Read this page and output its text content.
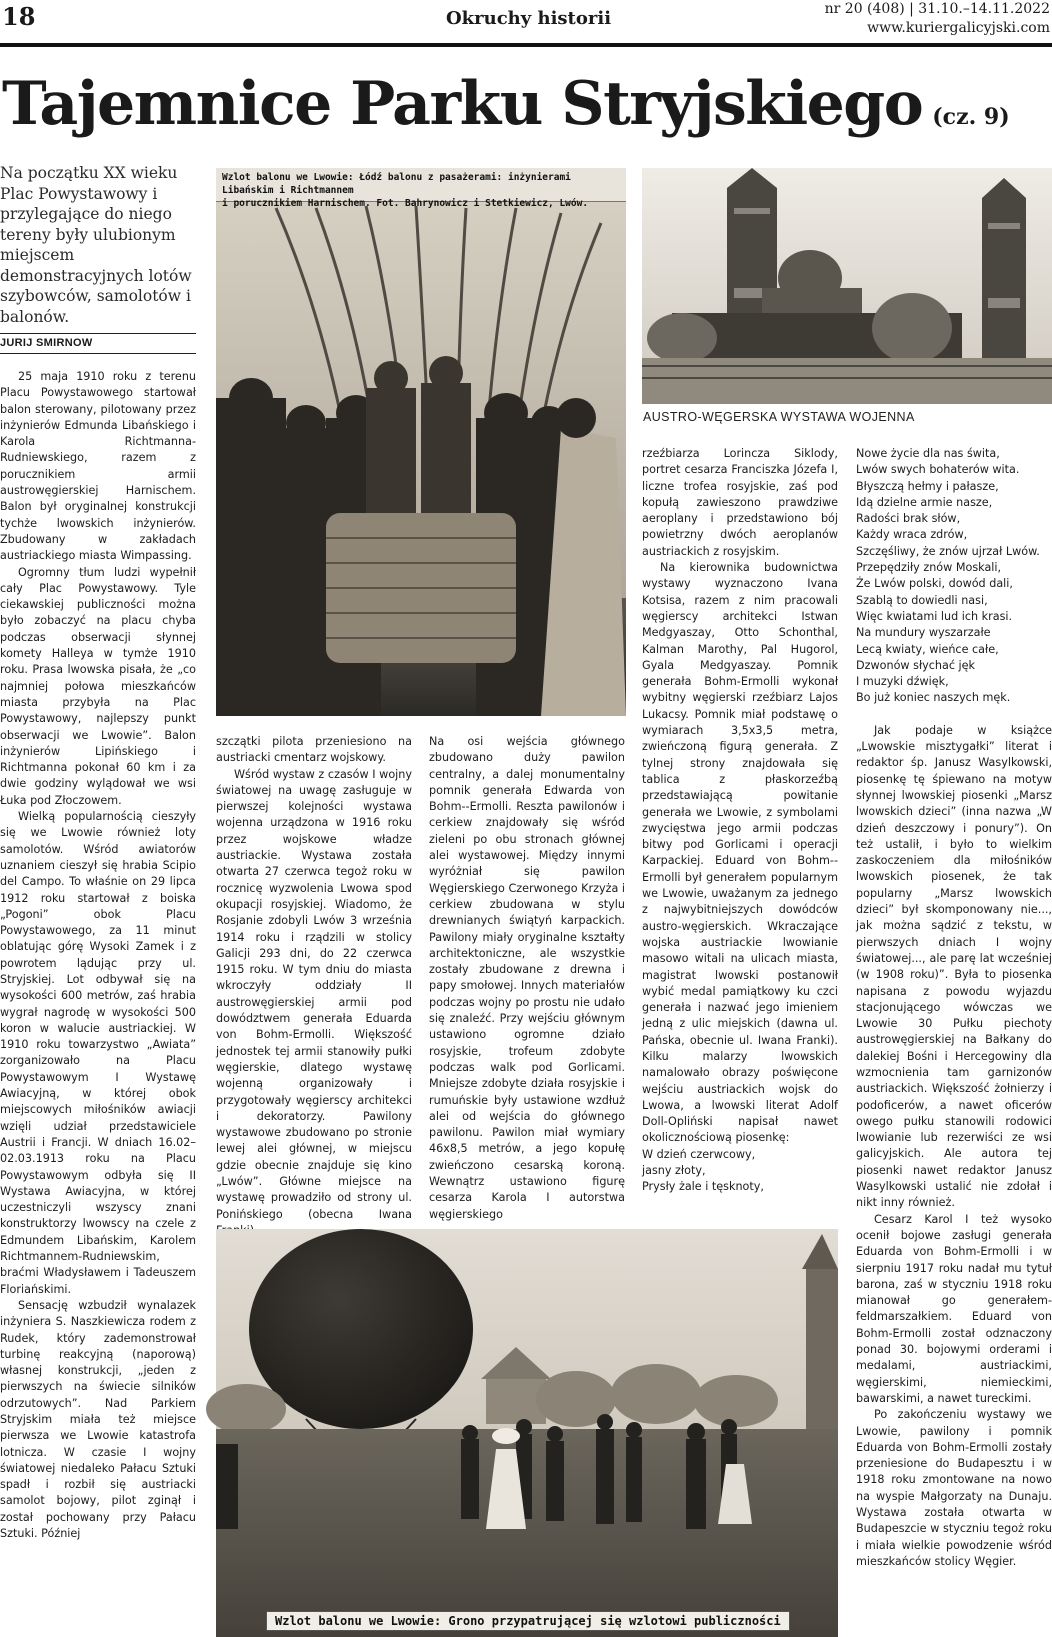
18	Okruchy historii	nr 20 (408) | 31.10.–14.11.2022
www.kuriergalicyjski.com
Tajemnice Parku Stryjskiego (cz. 9)
Na początku XX wieku Plac Powystawowy i przylegające do niego tereny były ulubionym miejscem demonstracyjnych lotów szybowców, samolotów i balonów.
JURIJ SMIRNOW
Wzlot balonu we Lwowie: Łódź balonu z pasażerami: inżynierami Libańskim i Richtmannem
i porucznikiem Harnischem. Fot. Bahrynowicz i Stetkiewicz, Lwów.
AUSTRO-WĘGERSKA WYSTAWA WOJENNA

25 maja 1910 roku z terenu Placu Powystawowego startował balon sterowany, pilotowany przez inżynierów Edmunda Libańskiego i Karola Richtmanna-Rudniewskiego, razem z porucznikiem armii austrowęgierskiej Harnischem. Balon był oryginalnej konstrukcji tychże lwowskich inżynierów. Zbudowany w zakładach austriackiego miasta Wimpassing.

Ogromny tłum ludzi wypełnił cały Plac Powystawowy. Tyle ciekawskiej publiczności można było zobaczyć na placu chyba podczas obserwacji słynnej komety Halleya w tymże 1910 roku. Prasa lwowska pisała, że „co najmniej połowa mieszkańców miasta przybyła na Plac Powystawowy, najlepszy punkt obserwacji we Lwowie”. Balon inżynierów Lipińskiego i Richtmanna pokonał 60 km i za dwie godziny wylądował we wsi Łuka pod Złoczowem.

Wielką popularnością cieszyły się we Lwowie również loty samolotów. Wśród awiatorów uznaniem cieszył się hrabia Scipio del Campo. To właśnie on 29 lipca 1912 roku startował z boiska „Pogoni” obok Placu Powystawowego, za 11 minut oblatując górę Wysoki Zamek i z powrotem lądując przy ul. Stryjskiej. Lot odbywał się na wysokości 600 metrów, zaś hrabia wygrał nagrodę w wysokości 500 koron w walucie austriackiej. W 1910 roku towarzystwo „Awiata” zorganizowało na Placu Powystawowym I Wystawę Awiacyjną, w której obok miejscowych miłośników awiacji wzięli udział przedstawiciele Austrii i Francji. W dniach 16.02–02.03.1913 roku na Placu Powystawowym odbyła się II Wystawa Awiacyjna, w której uczestniczyli wszyscy znani konstruktorzy lwowscy na czele z Edmundem Libańskim, Karolem Richtmannem-Rudniewskim, braćmi Władysławem i Tadeuszem Floriańskimi.

Sensację wzbudził wynalazek inżyniera S. Naszkiewicza rodem z Rudek, który zademonstrował turbinę reakcyjną (naporową) własnej konstrukcji, „jeden z pierwszych na świecie silników odrzutowych”. Nad Parkiem Stryjskim miała też miejsce pierwsza we Lwowie katastrofa lotnicza. W czasie I wojny światowej niedaleko Pałacu Sztuki spadł i rozbił się austriacki samolot bojowy, pilot zginął i został pochowany przy Pałacu Sztuki. Później

szczątki pilota przeniesiono na austriacki cmentarz wojskowy.

Wśród wystaw z czasów I wojny światowej na uwagę zasługuje w pierwszej kolejności wystawa wojenna urządzona w 1916 roku przez wojskowe władze austriackie. Wystawa została otwarta 27 czerwca tegoż roku w rocznicę wyzwolenia Lwowa spod okupacji rosyjskiej. Wiadomo, że Rosjanie zdobyli Lwów 3 września 1914 roku i rządzili w stolicy Galicji 293 dni, do 22 czerwca 1915 roku. W tym dniu do miasta wkroczyły oddziały II austrowęgierskiej armii pod dowództwem generała Eduarda von Bohm-Ermolli. Większość jednostek tej armii stanowiły pułki węgierskie, dlatego wystawę wojenną organizowały i przygotowały węgierscy architekci i dekoratorzy. Pawilony wystawowe zbudowano po stronie lewej alei głównej, w miejscu gdzie obecnie znajduje się kino „Lwów”. Główne miejsce na wystawę prowadziło od strony ul. Ponińskiego (obecna Iwana

Na osi wejścia głównego zbudowano duży pawilon centralny, a dalej monumentalny pomnik generała Edwarda von Bohm--Ermolli. Reszta pawilonów i cerkiew znajdowały się wśród zieleni po obu stronach głównej alei wystawowej. Między innymi wyróżniał się pawilon Węgierskiego Czerwonego Krzyża i cerkiew zbudowana w stylu drewnianych świątyń karpackich. Pawilony miały oryginalne kształty architektoniczne, ale wszystkie zostały zbudowane z drewna i papy smołowej. Innych materiałów podczas wojny po prostu nie udało się znaleźć. Przy wejściu głównym ustawiono ogromne działo rosyjskie, trofeum zdobyte podczas walk pod Gorlicami. Mniejsze zdobyte działa rosyjskie i rumuńskie były ustawione wzdłuż alei od wejścia do głównego pawilonu. Pawilon miał wymiary 46x8,5 metrów, a jego kopułę zwieńczono cesarską koroną. Wewnątrz ustawiono figurę cesarza Karola I autorstwa węgierskiego

rzeźbiarza Lorincza Siklody, portret cesarza Franciszka Józefa I, liczne trofea rosyjskie, zaś pod kopułą zawieszono prawdziwe aeroplany i przedstawiono bój powietrzny dwóch aeroplanów austriackich z rosyjskim.

Na kierownika budownictwa wystawy wyznaczono Ivana Kotsisa, razem z nim pracowali węgierscy architekci Istwan Medgyaszay, Otto Schonthal, Kalman Marothy, Pal Hugorol, Gyala Medgyaszay. Pomnik generała Bohm-Ermolli wykonał wybitny węgierski rzeźbiarz Lajos Lukacsy. Pomnik miał podstawę o wymiarach 3,5x3,5 metra, zwieńczoną figurą generała. Z tylnej strony znajdowała się tablica z płaskorzeźbą przedstawiającą powitanie generała we Lwowie, z symbolami zwycięstwa jego armii podczas bitwy pod Gorlicami i operacji Karpackiej. Eduard von Bohm--Ermolli był generałem popularnym we Lwowie, uważanym za jednego z najwybitniejszych dowódców austro-węgierskich. Wkraczające wojska austriackie lwowianie masowo witali na ulicach miasta, magistrat lwowski postanowił wybić medal pamiątkowy ku czci generała i nazwać jego imieniem jedną z ulic miejskich (dawna ul. Pańska, obecnie ul. Iwana Franki). Kilku malarzy lwowskich namalowało obrazy poświęcone wejściu austriackich wojsk do Lwowa, a lwowski literat Adolf Doll-Opliński napisał nawet okolicznościową piosenkę:

W dzień czerwcowy,
jasny złoty,
Prysły żale i tęsknoty,
Nowe życie dla nas świta,
Lwów swych bohaterów wita.
Błyszczą hełmy i pałasze,
Idą dzielne armie nasze,
Radości brak słów,
Każdy wraca zdrów,
Szczęśliwy, że znów ujrzał Lwów.
Przepędziły znów Moskali,
Że Lwów polski, dowód dali,
Szablą to dowiedli nasi,
Więc kwiatami lud ich krasi.
Na mundury wyszarzałe
Lecą kwiaty, wieńce całe,
Dzwonów słychać jęk
I muzyki dźwięk,
Bo już koniec naszych męk.

Jak podaje w książce „Lwowskie misztygałki” literat i redaktor śp. Janusz Wasylkowski, piosenkę tę śpiewano na motyw słynnej lwowskiej piosenki „Marsz lwowskich dzieci” (inna nazwa „W dzień deszczowy i ponury”). On też ustalił, i było to wielkim zaskoczeniem dla miłośników lwowskich piosenek, że tak popularny „Marsz lwowskich dzieci” był skomponowany nie..., jak można sądzić z tekstu, w pierwszych dniach I wojny światowej..., ale parę lat wcześniej (w 1908 roku)”. Była to piosenka napisana z powodu wyjazdu stacjonującego wówczas we Lwowie 30 Pułku piechoty austrowęgierskiej na Bałkany do dalekiej Bośni i Hercegowiny dla wzmocnienia tam garnizonów austriackich. Większość żołnierzy i podoficerów, a nawet oficerów owego pułku stanowili rodowici lwowianie lub rezerwiści ze wsi galicyjskich. Ale autora tej piosenki nawet redaktor Janusz Wasylkowski ustalić nie zdołał i nikt inny również.

Cesarz Karol I też wysoko ocenił bojowe zasługi generała Eduarda von Bohm-Ermolli i w sierpniu 1917 roku nadał mu tytuł barona, zaś w styczniu 1918 roku mianował go generałem-feldmarszałkiem. Eduard von Bohm-Ermolli został odznaczony ponad 30. bojowymi orderami i medalami, austriackimi, węgierskimi, niemieckimi, bawarskimi, a nawet tureckimi.

Po zakończeniu wystawy we Lwowie, pawilony i pomnik Eduarda von Bohm-Ermolli zostały przeniesione do Budapesztu i w 1918 roku zmontowane na nowo na wyspie Małgorzaty na Dunaju. Wystawa została otwarta w Budapeszcie w styczniu tegoż roku i miała wielkie powodzenie wśród mieszkańców stolicy Węgier.

Wzlot balonu we Lwowie: Grono przypatrującej się wzlotowi publiczności
